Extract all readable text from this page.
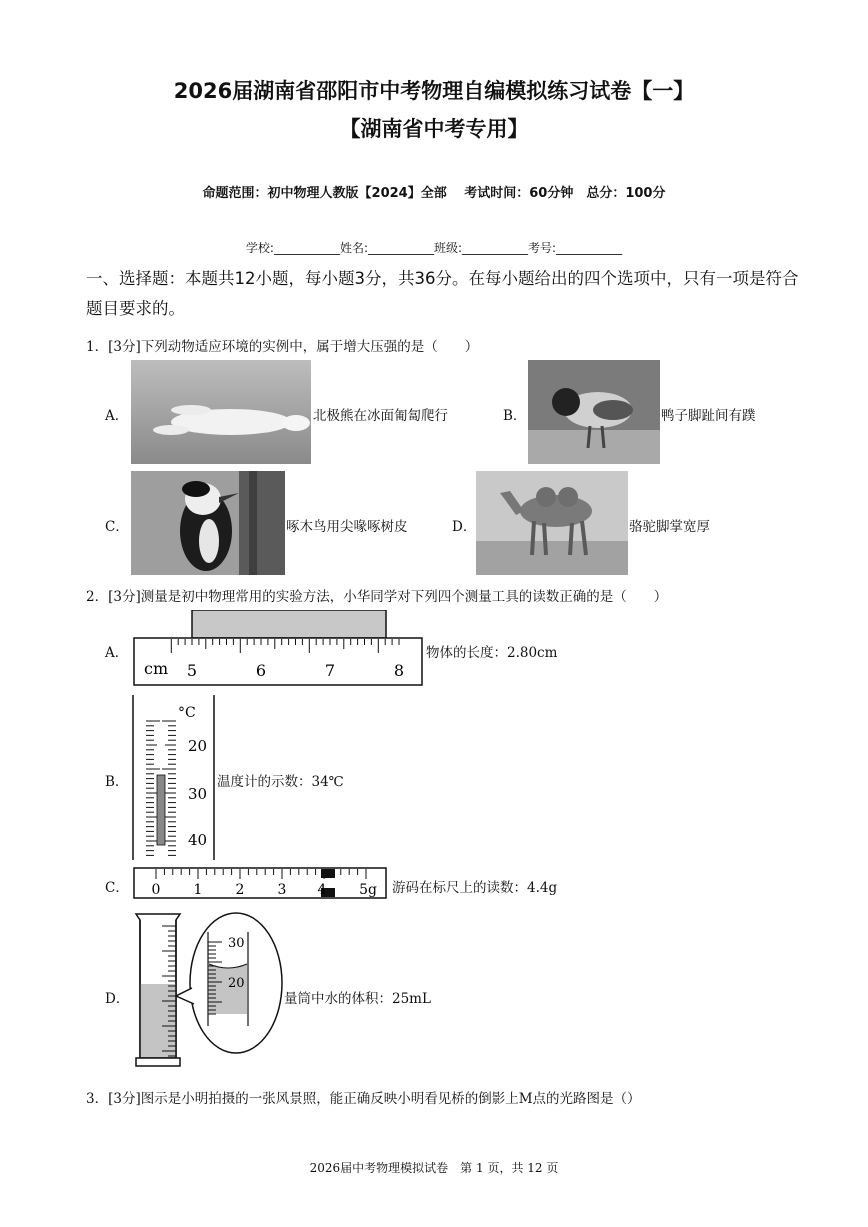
2026届湖南省邵阳市中考物理自编模拟练习试卷【一】
【湖南省中考专用】
命题范围：初中物理人教版【2024】全部　 考试时间：60分钟　总分：100分
学校:___________姓名:___________班级:___________考号:___________
一、选择题：本题共12小题，每小题3分，共36分。在每小题给出的四个选项中，只有一项是符合题目要求的。
1．[3分]下列动物适应环境的实例中，属于增大压强的是（　　）
A．	北极熊在冰面匍匐爬行	B．	鸭子脚趾间有蹼
C．	啄木鸟用尖喙啄树皮	D．	骆驼脚掌宽厚
2．[3分]测量是初中物理常用的实验方法，小华同学对下列四个测量工具的读数正确的是（　　）
A．
cm 5	6	7	8
物体的长度：2.80cm
B．
°C
20
30
40
温度计的示数：34℃
C． 0 1 2 3 4 5g 游码在标尺上的读数：4.4g
D．
30
20
量筒中水的体积：25mL
3．[3分]图示是小明拍摄的一张风景照，能正确反映小明看见桥的倒影上M点的光路图是（）
2026届中考物理模拟试卷　第 1 页，共 12 页
